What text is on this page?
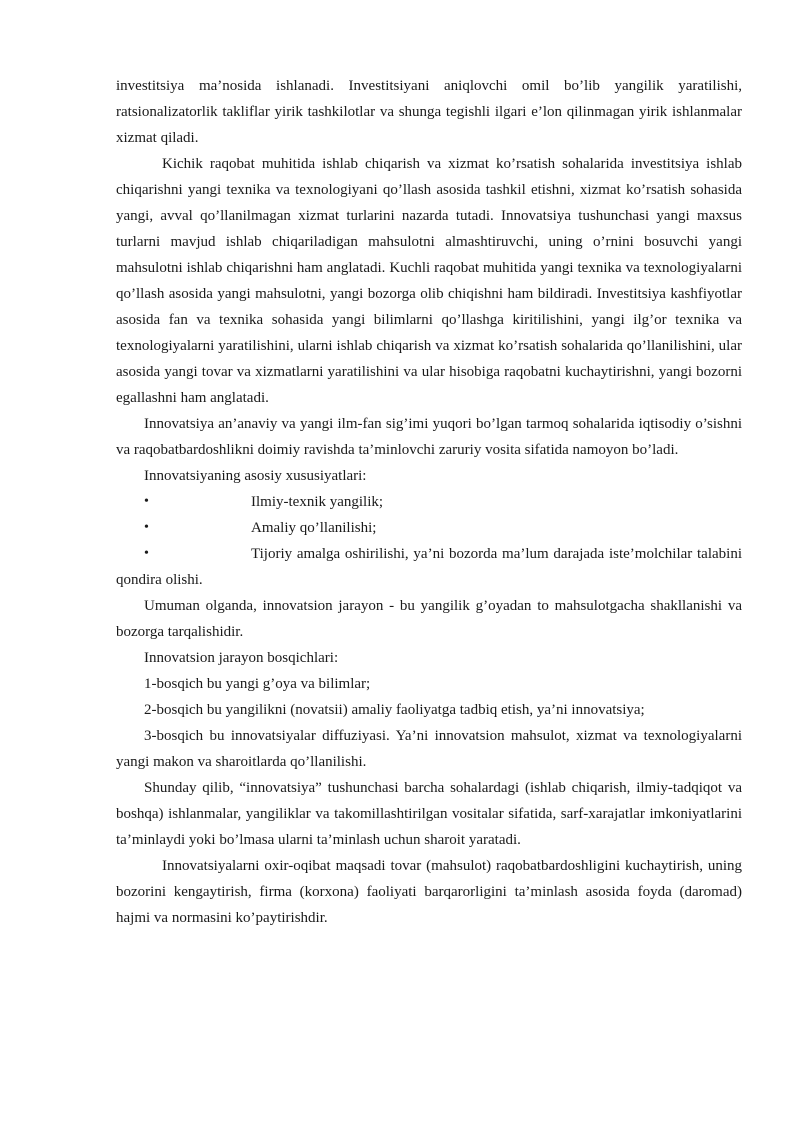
investitsiya ma’nosida ishlanadi. Investitsiyani aniqlovchi omil bo’lib yangilik yaratilishi, ratsionalizatorlik takliflar yirik tashkilotlar va shunga tegishli ilgari e’lon qilinmagan yirik ishlanmalar xizmat qiladi.

Kichik raqobat muhitida ishlab chiqarish va xizmat ko’rsatish sohalarida investitsiya ishlab chiqarishni yangi texnika va texnologiyani qo’llash asosida tashkil etishni, xizmat ko’rsatish sohasida yangi, avval qo’llanilmagan xizmat turlarini nazarda tutadi. Innovatsiya tushunchasi yangi maxsus turlarni mavjud ishlab chiqariladigan mahsulotni almashtiruvchi, uning o’rnini bosuvchi yangi mahsulotni ishlab chiqarishni ham anglatadi. Kuchli raqobat muhitida yangi texnika va texnologiyalarni qo’llash asosida yangi mahsulotni, yangi bozorga olib chiqishni ham bildiradi. Investitsiya kashfiyotlar asosida fan va texnika sohasida yangi bilimlarni qo’llashga kiritilishini, yangi ilg’or texnika va texnologiyalarni yaratilishini, ularni ishlab chiqarish va xizmat ko’rsatish sohalarida qo’llanilishini, ular asosida yangi tovar va xizmatlarni yaratilishini va ular hisobiga raqobatni kuchaytirishni, yangi bozorni egallashni ham anglatadi.

Innovatsiya an’anaviy va yangi ilm-fan sig’imi yuqori bo’lgan tarmoq sohalarida iqtisodiy o’sishni va raqobatbardoshlikni doimiy ravishda ta’minlovchi zaruriy vosita sifatida namoyon bo’ladi.

Innovatsiyaning asosiy xususiyatlari:

•	Ilmiy-texnik yangilik;
•	Amaliy qo’llanilishi;
•	Tijoriy amalga oshirilishi, ya’ni bozorda ma’lum darajada iste’molchilar talabini qondira olishi.

Umuman olganda, innovatsion jarayon - bu yangilik g’oyadan to mahsulotgacha shakllanishi va bozorga tarqalishidir.

Innovatsion jarayon bosqichlari:

1-bosqich bu yangi g’oya va bilimlar;

2-bosqich bu yangilikni (novatsii) amaliy faoliyatga tadbiq etish, ya’ni innovatsiya;

3-bosqich bu innovatsiyalar diffuziyasi. Ya’ni innovatsion mahsulot, xizmat va texnologiyalarni yangi makon va sharoitlarda qo’llanilishi.

Shunday qilib, “innovatsiya” tushunchasi barcha sohalardagi (ishlab chiqarish, ilmiy-tadqiqot va boshqa) ishlanmalar, yangiliklar va takomillashtirilgan vositalar sifatida, sarf-xarajatlar imkoniyatlarini ta’minlaydi yoki bo’lmasa ularni ta’minlash uchun sharoit yaratadi.

Innovatsiyalarni oxir-oqibat maqsadi tovar (mahsulot) raqobatbardoshligini kuchaytirish, uning bozorini kengaytirish, firma (korxona) faoliyati barqarorligini ta’minlash asosida foyda (daromad) hajmi va normasini ko’paytirishdir.
